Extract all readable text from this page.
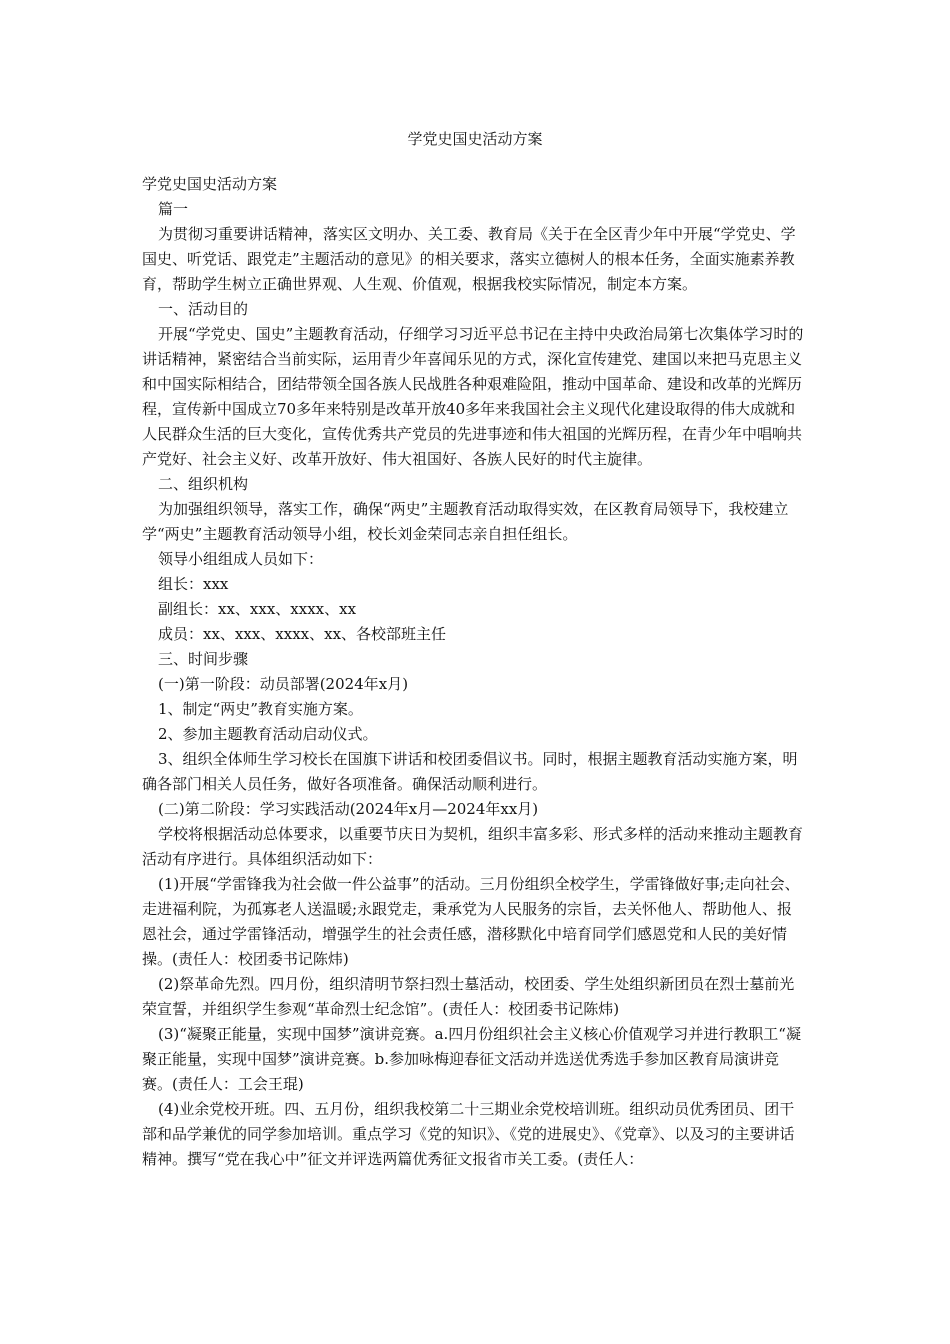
学党史国史活动方案

学党史国史活动方案

篇一

为贯彻习重要讲话精神，落实区文明办、关工委、教育局《关于在全区青少年中开展“学党史、学国史、听党话、跟党走”主题活动的意见》的相关要求，落实立德树人的根本任务，全面实施素养教育，帮助学生树立正确世界观、人生观、价值观，根据我校实际情况，制定本方案。

一、活动目的

开展“学党史、国史”主题教育活动，仔细学习习近平总书记在主持中央政治局第七次集体学习时的讲话精神，紧密结合当前实际，运用青少年喜闻乐见的方式，深化宣传建党、建国以来把马克思主义和中国实际相结合，团结带领全国各族人民战胜各种艰难险阻，推动中国革命、建设和改革的光辉历程，宣传新中国成立70多年来特别是改革开放40多年来我国社会主义现代化建设取得的伟大成就和人民群众生活的巨大变化，宣传优秀共产党员的先进事迹和伟大祖国的光辉历程，在青少年中唱响共产党好、社会主义好、改革开放好、伟大祖国好、各族人民好的时代主旋律。

二、组织机构

为加强组织领导，落实工作，确保“两史”主题教育活动取得实效，在区教育局领导下，我校建立学“两史”主题教育活动领导小组，校长刘金荣同志亲自担任组长。

领导小组组成人员如下：

组长：xxx

副组长：xx、xxx、xxxx、xx

成员：xx、xxx、xxxx、xx、各校部班主任

三、时间步骤

(一)第一阶段：动员部署(2024年x月)

1、制定“两史”教育实施方案。

2、参加主题教育活动启动仪式。

3、组织全体师生学习校长在国旗下讲话和校团委倡议书。同时，根据主题教育活动实施方案，明确各部门相关人员任务，做好各项准备。确保活动顺利进行。

(二)第二阶段：学习实践活动(2024年x月—2024年xx月)

学校将根据活动总体要求，以重要节庆日为契机，组织丰富多彩、形式多样的活动来推动主题教育活动有序进行。具体组织活动如下：

(1)开展“学雷锋我为社会做一件公益事”的活动。三月份组织全校学生，学雷锋做好事;走向社会、走进福利院，为孤寡老人送温暖;永跟党走，秉承党为人民服务的宗旨，去关怀他人、帮助他人、报恩社会，通过学雷锋活动，增强学生的社会责任感，潜移默化中培育同学们感恩党和人民的美好情操。(责任人：校团委书记陈炜)

(2)祭革命先烈。四月份，组织清明节祭扫烈士墓活动，校团委、学生处组织新团员在烈士墓前光荣宣誓，并组织学生参观“革命烈士纪念馆”。(责任人：校团委书记陈炜)

(3)“凝聚正能量，实现中国梦”演讲竞赛。a.四月份组织社会主义核心价值观学习并进行教职工“凝聚正能量，实现中国梦”演讲竞赛。b.参加咏梅迎春征文活动并选送优秀选手参加区教育局演讲竞赛。(责任人：工会王琨)

(4)业余党校开班。四、五月份，组织我校第二十三期业余党校培训班。组织动员优秀团员、团干部和品学兼优的同学参加培训。重点学习《党的知识》、《党的进展史》、《党章》、以及习的主要讲话精神。撰写“党在我心中”征文并评选两篇优秀征文报省市关工委。(责任人：
